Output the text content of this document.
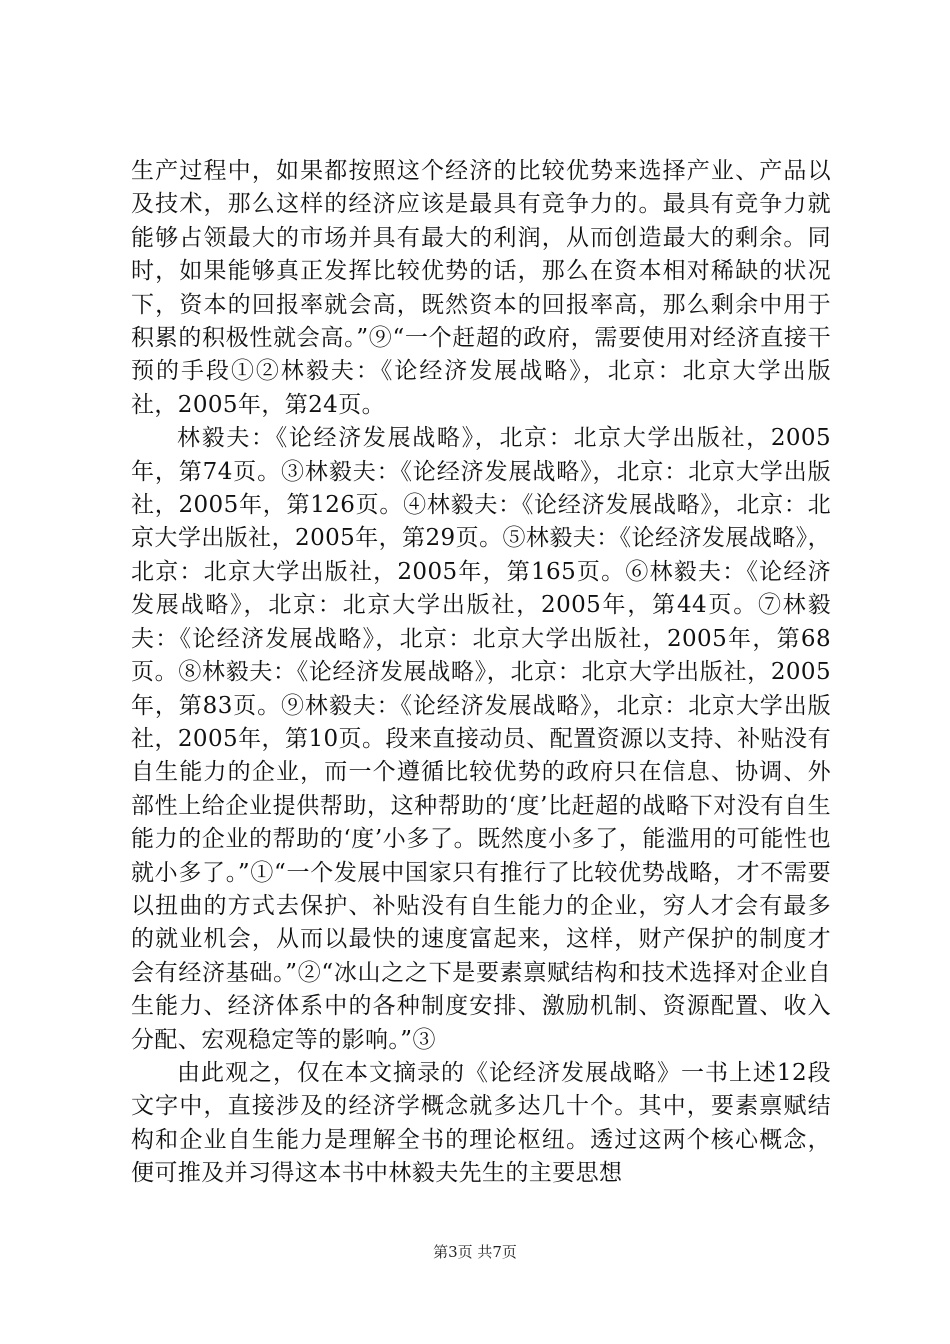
生产过程中，如果都按照这个经济的比较优势来选择产业、产品以及技术，那么这样的经济应该是最具有竞争力的。最具有竞争力就能够占领最大的市场并具有最大的利润，从而创造最大的剩余。同时，如果能够真正发挥比较优势的话，那么在资本相对稀缺的状况下，资本的回报率就会高，既然资本的回报率高，那么剩余中用于积累的积极性就会高。”⑨“一个赶超的政府，需要使用对经济直接干预的手段①②林毅夫：《论经济发展战略》，北京：北京大学出版社，2005年，第24页。

林毅夫：《论经济发展战略》，北京：北京大学出版社，2005年，第74页。③林毅夫：《论经济发展战略》，北京：北京大学出版社，2005年，第126页。④林毅夫：《论经济发展战略》，北京：北京大学出版社，2005年，第29页。⑤林毅夫：《论经济发展战略》，北京：北京大学出版社，2005年，第165页。⑥林毅夫：《论经济发展战略》，北京：北京大学出版社，2005年，第44页。⑦林毅夫：《论经济发展战略》，北京：北京大学出版社，2005年，第68页。⑧林毅夫：《论经济发展战略》，北京：北京大学出版社，2005年，第83页。⑨林毅夫：《论经济发展战略》，北京：北京大学出版社，2005年，第10页。段来直接动员、配置资源以支持、补贴没有自生能力的企业，而一个遵循比较优势的政府只在信息、协调、外部性上给企业提供帮助，这种帮助的‘度’比赶超的战略下对没有自生能力的企业的帮助的‘度’小多了。既然度小多了，能滥用的可能性也就小多了。”①“一个发展中国家只有推行了比较优势战略，才不需要以扭曲的方式去保护、补贴没有自生能力的企业，穷人才会有最多的就业机会，从而以最快的速度富起来，这样，财产保护的制度才会有经济基础。”②“冰山之之下是要素禀赋结构和技术选择对企业自生能力、经济体系中的各种制度安排、激励机制、资源配置、收入分配、宏观稳定等的影响。”③

由此观之，仅在本文摘录的《论经济发展战略》一书上述12段文字中，直接涉及的经济学概念就多达几十个。其中，要素禀赋结构和企业自生能力是理解全书的理论枢纽。透过这两个核心概念，便可推及并习得这本书中林毅夫先生的主要思想

第3页 共7页
